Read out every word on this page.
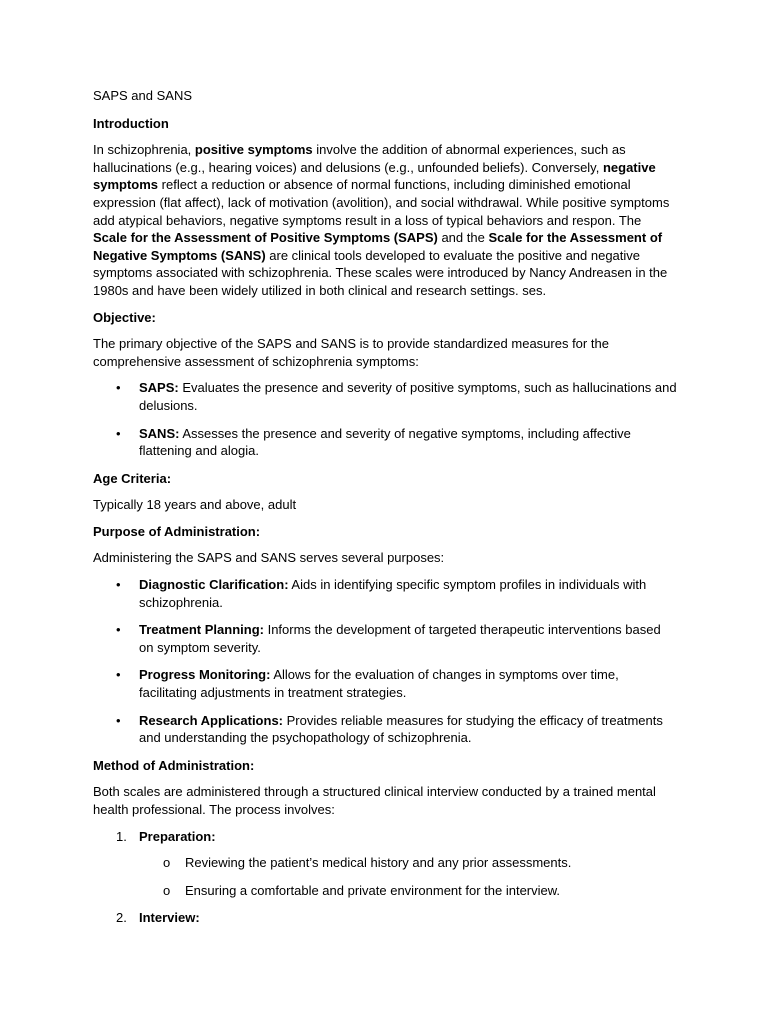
SAPS and SANS

Introduction

In schizophrenia, positive symptoms involve the addition of abnormal experiences, such as hallucinations (e.g., hearing voices) and delusions (e.g., unfounded beliefs). Conversely, negative symptoms reflect a reduction or absence of normal functions, including diminished emotional expression (flat affect), lack of motivation (avolition), and social withdrawal. While positive symptoms add atypical behaviors, negative symptoms result in a loss of typical behaviors and respon. The Scale for the Assessment of Positive Symptoms (SAPS) and the Scale for the Assessment of Negative Symptoms (SANS) are clinical tools developed to evaluate the positive and negative symptoms associated with schizophrenia. These scales were introduced by Nancy Andreasen in the 1980s and have been widely utilized in both clinical and research settings. ses.

Objective:

The primary objective of the SAPS and SANS is to provide standardized measures for the comprehensive assessment of schizophrenia symptoms:

• SAPS: Evaluates the presence and severity of positive symptoms, such as hallucinations and delusions.
• SANS: Assesses the presence and severity of negative symptoms, including affective flattening and alogia.

Age Criteria:

Typically 18 years and above, adult

Purpose of Administration:

Administering the SAPS and SANS serves several purposes:

• Diagnostic Clarification: Aids in identifying specific symptom profiles in individuals with schizophrenia.
• Treatment Planning: Informs the development of targeted therapeutic interventions based on symptom severity.
• Progress Monitoring: Allows for the evaluation of changes in symptoms over time, facilitating adjustments in treatment strategies.
• Research Applications: Provides reliable measures for studying the efficacy of treatments and understanding the psychopathology of schizophrenia.

Method of Administration:

Both scales are administered through a structured clinical interview conducted by a trained mental health professional. The process involves:

1. Preparation:
o Reviewing the patient’s medical history and any prior assessments.
o Ensuring a comfortable and private environment for the interview.
2. Interview:
